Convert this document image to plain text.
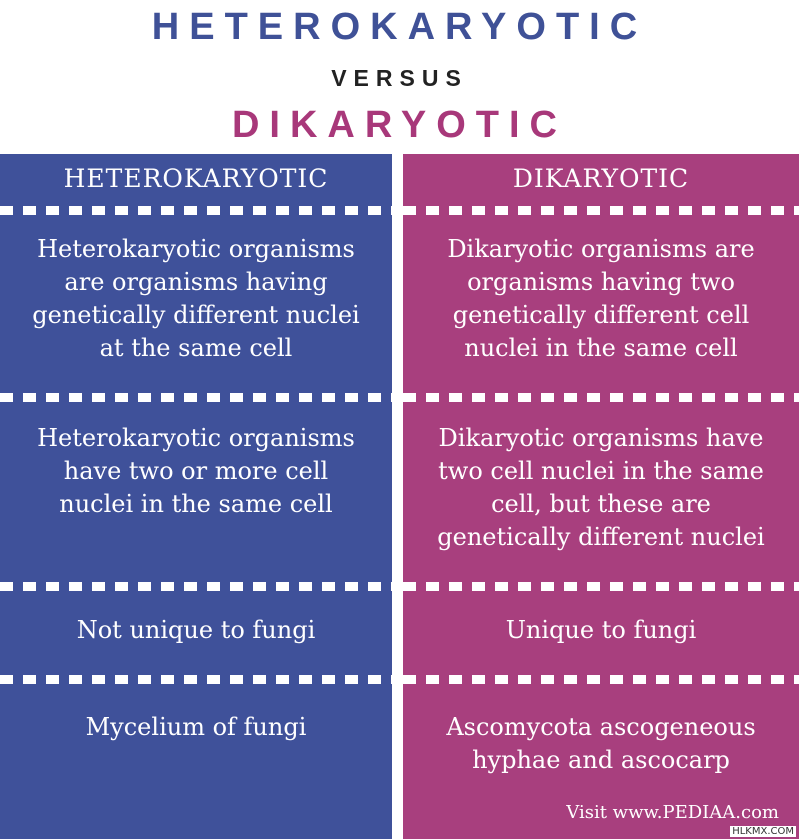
HETEROKARYOTIC
VERSUS
DIKARYOTIC
HETEROKARYOTIC
Heterokaryotic organisms
are organisms having
genetically different nuclei
at the same cell
Heterokaryotic organisms
have two or more cell
nuclei in the same cell
Not unique to fungi
Mycelium of fungi
DIKARYOTIC
Dikaryotic organisms are
organisms having two
genetically different cell
nuclei in the same cell
Dikaryotic organisms have
two cell nuclei in the same
cell, but these are
genetically different nuclei
Unique to fungi
Ascomycota ascogeneous
hyphae and ascocarp
Visit www.PEDIAA.com
HLKMX.COM
